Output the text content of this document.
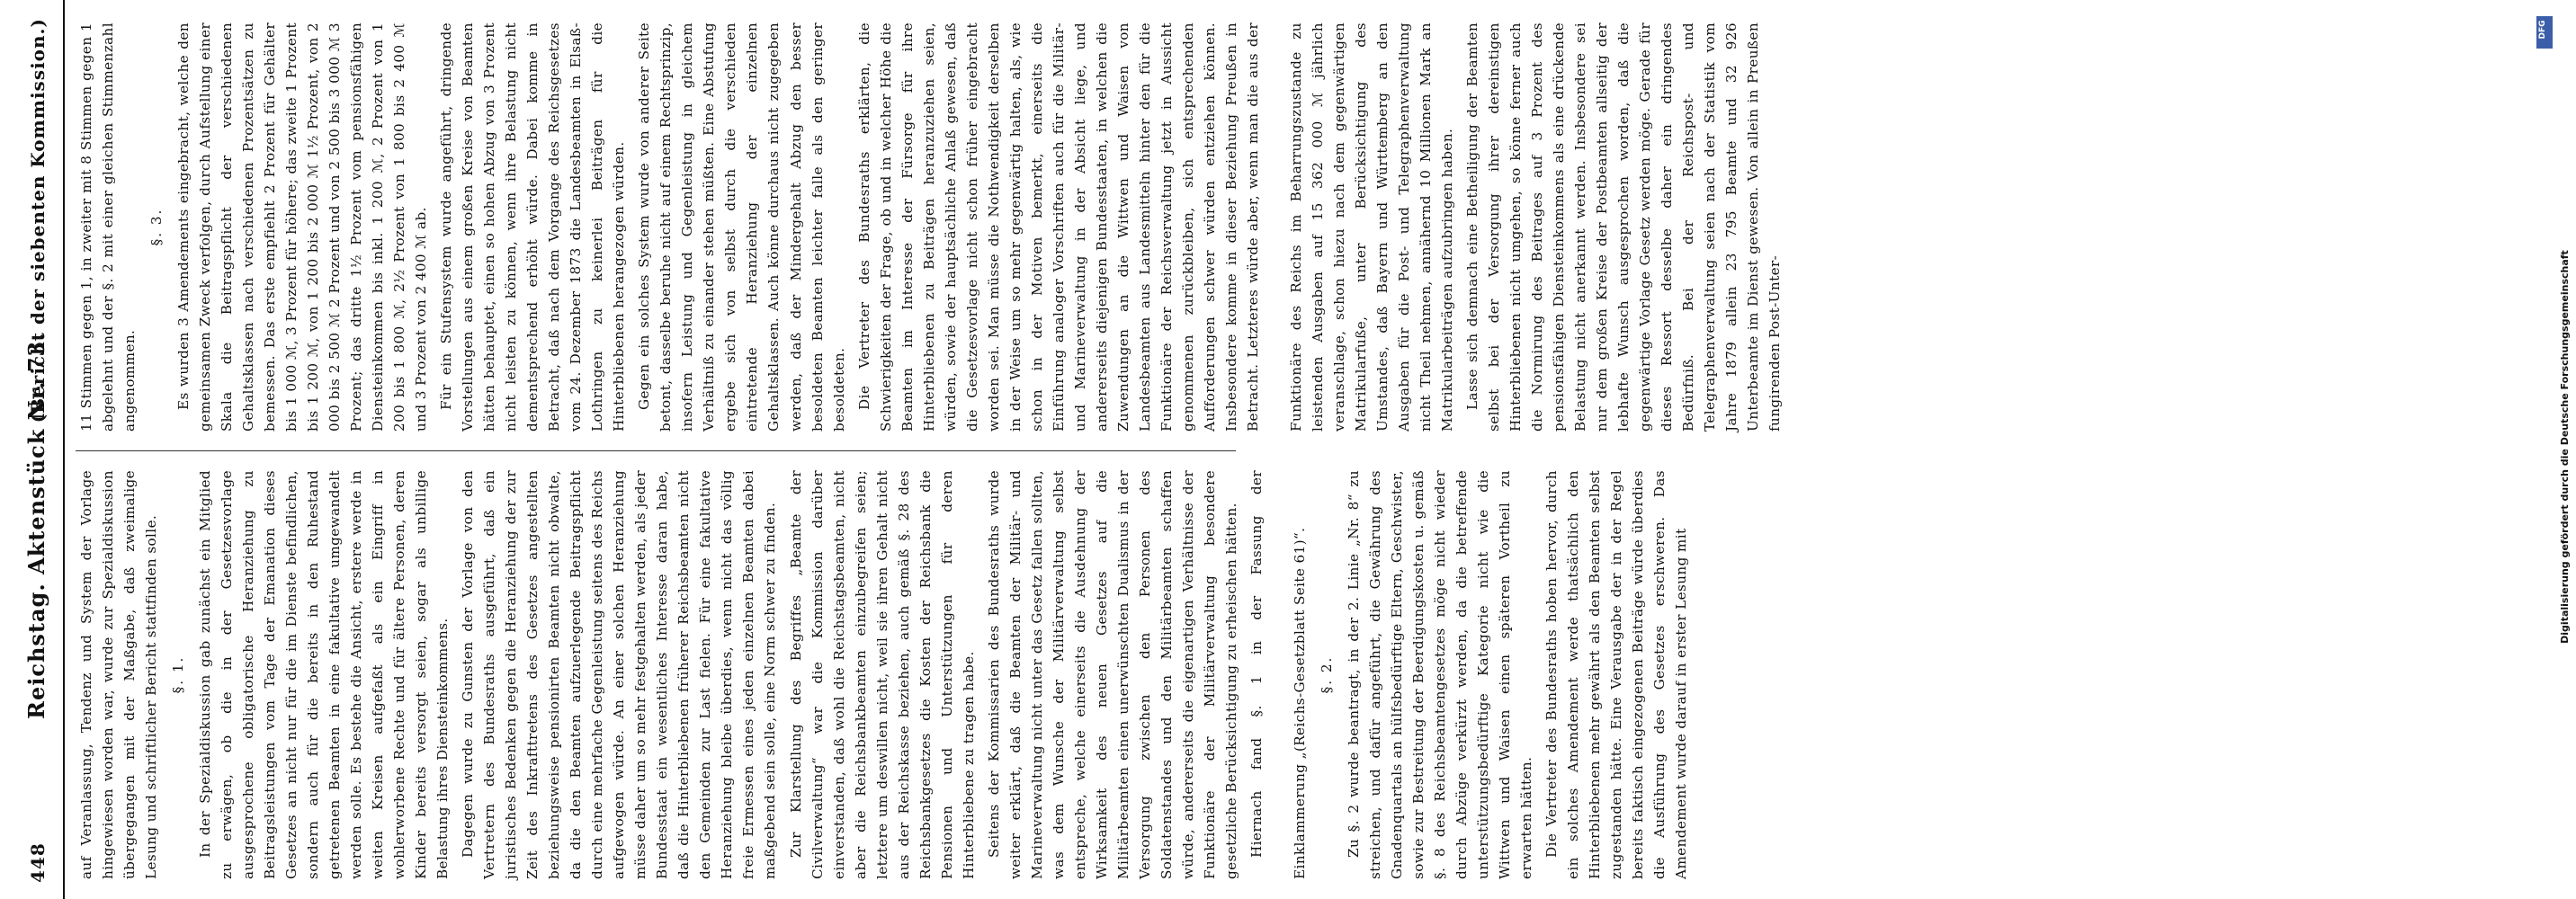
448
Reichstag. Aktenstück Nr. 73.
(Bericht der siebenten Kommission.)

auf Veranlassung, Tendenz und System der Vorlage hingewiesen worden war, wurde zur Spezialdiskussion übergegangen mit der Maßgabe, daß zweimalige Lesung und schriftlicher Bericht stattfinden solle. §. 1. In der Spezialdiskussion gab zunächst ein Mitglied zu erwägen, ob die in der Gesetzesvorlage ausgesprochene obligatorische Heranziehung zu Beitragsleistungen vom Tage der Emanation dieses Gesetzes an nicht nur für die im Dienste befindlichen, sondern auch für die bereits in den Ruhestand getretenen Beamten in eine fakultative umgewandelt werden solle. Es bestehe die Ansicht, erstere werde in weiten Kreisen aufgefaßt als ein Eingriff in wohlerworbene Rechte und für ältere Personen, deren Kinder bereits versorgt seien, sogar als unbillige Belastung ihres Diensteinkommens. Dagegen wurde zu Gunsten der Vorlage von den Vertretern des Bundesraths ausgeführt, daß ein juristisches Bedenken gegen die Heranziehung der zur Zeit des Inkrafttretens des Gesetzes angestellten beziehungsweise pensionirten Beamten nicht obwalte, da die den Beamten aufzuerlegende Beitragspflicht durch eine mehrfache Gegenleistung seitens des Reichs aufgewogen würde. An einer solchen Heranziehung müsse daher um so mehr festgehalten werden, als jeder Bundesstaat ein wesentliches Interesse daran habe, daß die Hinterbliebenen früherer Reichsbeamten nicht den Gemeinden zur Last fielen. Für eine fakultative Heranziehung bleibe überdies, wenn nicht das völlig freie Ermessen eines jeden einzelnen Beamten dabei maßgebend sein solle, eine Norm schwer zu finden. Zur Klarstellung des Begriffes „Beamte der Civilverwaltung“ war die Kommission darüber einverstanden, daß wohl die Reichstagsbeamten, nicht aber die Reichsbankbeamten einzubegreifen seien; letztere um deswillen nicht, weil sie ihren Gehalt nicht aus der Reichskasse beziehen, auch gemäß §. 28 des Reichsbankgesetzes die Kosten der Reichsbank die Pensionen und Unterstützungen für deren Hinterbliebene zu tragen habe. Seitens der Kommissarien des Bundesraths wurde weiter erklärt, daß die Beamten der Militär- und Marineverwaltung nicht unter das Gesetz fallen sollten, was dem Wunsche der Militärverwaltung selbst entspreche, welche einerseits die Ausdehnung der Wirksamkeit des neuen Gesetzes auf die Militärbeamten einen unerwünschten Dualismus in der Versorgung zwischen den Personen des Soldatenstandes und den Militärbeamten schaffen würde, andererseits die eigenartigen Verhältnisse der Funktionäre der Militärverwaltung besondere gesetzliche Berücksichtigung zu erheischen hätten. Hiernach fand §. 1 in der Fassung der Einklammerung „(Reichs-Gesetzblatt Seite 61)“.

§. 2. Zu §. 2 wurde beantragt, in der 2. Linie „Nr. 8“ zu streichen, und dafür angeführt, die Gewährung des Gnadenquartals an hülfsbedürftige Eltern, Geschwister, sowie zur Bestreitung der Beerdigungskosten u. gemäß §. 8 des Reichsbeamtengesetzes möge nicht wieder durch Abzüge verkürzt werden, da die betreffende unterstützungsbedürftige Kategorie nicht wie die Wittwen und Waisen einen späteren Vortheil zu erwarten hätten. Die Vertreter des Bundesraths hoben hervor, durch ein solches Amendement werde thatsächlich den Hinterbliebenen mehr gewährt als den Beamten selbst zugestanden hätte. Eine Verausgabe der in der Regel bereits faktisch eingezogenen Beiträge würde überdies die Ausführung des Gesetzes erschweren. Das Amendement wurde darauf in erster Lesung mit

11 Stimmen gegen 1, in zweiter mit 8 Stimmen gegen 1 abgelehnt und der §. 2 mit einer gleichen Stimmenzahl angenommen.

§. 3. Es wurden 3 Amendements eingebracht, welche den gemeinsamen Zweck verfolgen, durch Aufstellung einer Skala die Beitragspflicht der verschiedenen Gehaltsklassen nach verschiedenen Prozentsätzen zu bemessen. Das erste empfiehlt 2 Prozent für Gehälter bis 1 000 ℳ, 3 Prozent für höhere; das zweite 1 Prozent bis 1 200 ℳ, von 1 200 bis 2 000 ℳ 1½ Prozent, von 2 000 bis 2 500 ℳ 2 Prozent und von 2 500 bis 3 000 ℳ 3 Prozent; das dritte 1½ Prozent vom pensionsfähigen Diensteinkommen bis inkl. 1 200 ℳ, 2 Prozent von 1 200 bis 1 800 ℳ, 2½ Prozent von 1 800 bis 2 400 ℳ und 3 Prozent von 2 400 ℳ ab. Für ein Stufensystem wurde angeführt, dringende Vorstellungen aus einem großen Kreise von Beamten hätten behauptet, einen so hohen Abzug von 3 Prozent nicht leisten zu können, wenn ihre Belastung nicht dementsprechend erhöht würde. Dabei komme in Betracht, daß nach dem Vorgange des Reichsgesetzes vom 24. Dezember 1873 die Landesbeamten in Elsaß-Lothringen zu keinerlei Beiträgen für die Hinterbliebenen herangezogen würden. Gegen ein solches System wurde von anderer Seite betont, dasselbe beruhe nicht auf einem Rechtsprinzip, insofern Leistung und Gegenleistung in gleichem Verhältniß zu einander stehen müßten. Eine Abstufung ergebe sich von selbst durch die verschieden eintretende Heranziehung der einzelnen Gehaltsklassen. Auch könne durchaus nicht zugegeben werden, daß der Mindergehalt Abzug den besser besoldeten Beamten leichter falle als den geringer besoldeten. Die Vertreter des Bundesraths erklärten, die Schwierigkeiten der Frage, ob und in welcher Höhe die Beamten im Interesse der Fürsorge für ihre Hinterbliebenen zu Beiträgen heranzuziehen seien, würden, sowie der hauptsächliche Anlaß gewesen, daß die Gesetzesvorlage nicht schon früher eingebracht worden sei. Man müsse die Nothwendigkeit derselben in der Weise um so mehr gegenwärtig halten, als, wie schon in der Motiven bemerkt, einerseits die Einführung analoger Vorschriften auch für die Militär- und Marineverwaltung in der Absicht liege, und andererseits diejenigen Bundesstaaten, in welchen die Zuwendungen an die Wittwen und Waisen von Landesbeamten aus Landesmitteln hinter den für die Funktionäre der Reichsverwaltung jetzt in Aussicht genommenen zurückbleiben, sich entsprechenden Aufforderungen schwer würden entziehen können. Insbesondere komme in dieser Beziehung Preußen in Betracht. Letzteres würde aber, wenn man die aus der Funktionäre des Reichs im Beharrungszustande zu leistenden Ausgaben auf 15 362 000 ℳ jährlich veranschlage, schon hiezu nach dem gegenwärtigen Matrikularfuße, unter Berücksichtigung des Umstandes, daß Bayern und Württemberg an den Ausgaben für die Post- und Telegraphenverwaltung nicht Theil nehmen, annähernd 10 Millionen Mark an Matrikularbeiträgen aufzubringen haben. Lasse sich demnach eine Betheiligung der Beamten selbst bei der Versorgung ihrer dereinstigen Hinterbliebenen nicht umgehen, so könne ferner auch die Normirung des Beitrages auf 3 Prozent des pensionsfähigen Diensteinkommens als eine drückende Belastung nicht anerkannt werden. Insbesondere sei nur dem großen Kreise der Postbeamten allseitig der lebhafte Wunsch ausgesprochen worden, daß die gegenwärtige Vorlage Gesetz werden möge. Gerade für dieses Ressort desselbe daher ein dringendes Bedürfniß. Bei der Reichspost- und Telegraphenverwaltung seien nach der Statistik vom Jahre 1879 allein 23 795 Beamte und 32 926 Unterbeamte im Dienst gewesen. Von allein in Preußen fungirenden Post-Unter-	Digitalisierung gefördert durch die Deutsche Forschungsgemeinschaft
DFG
